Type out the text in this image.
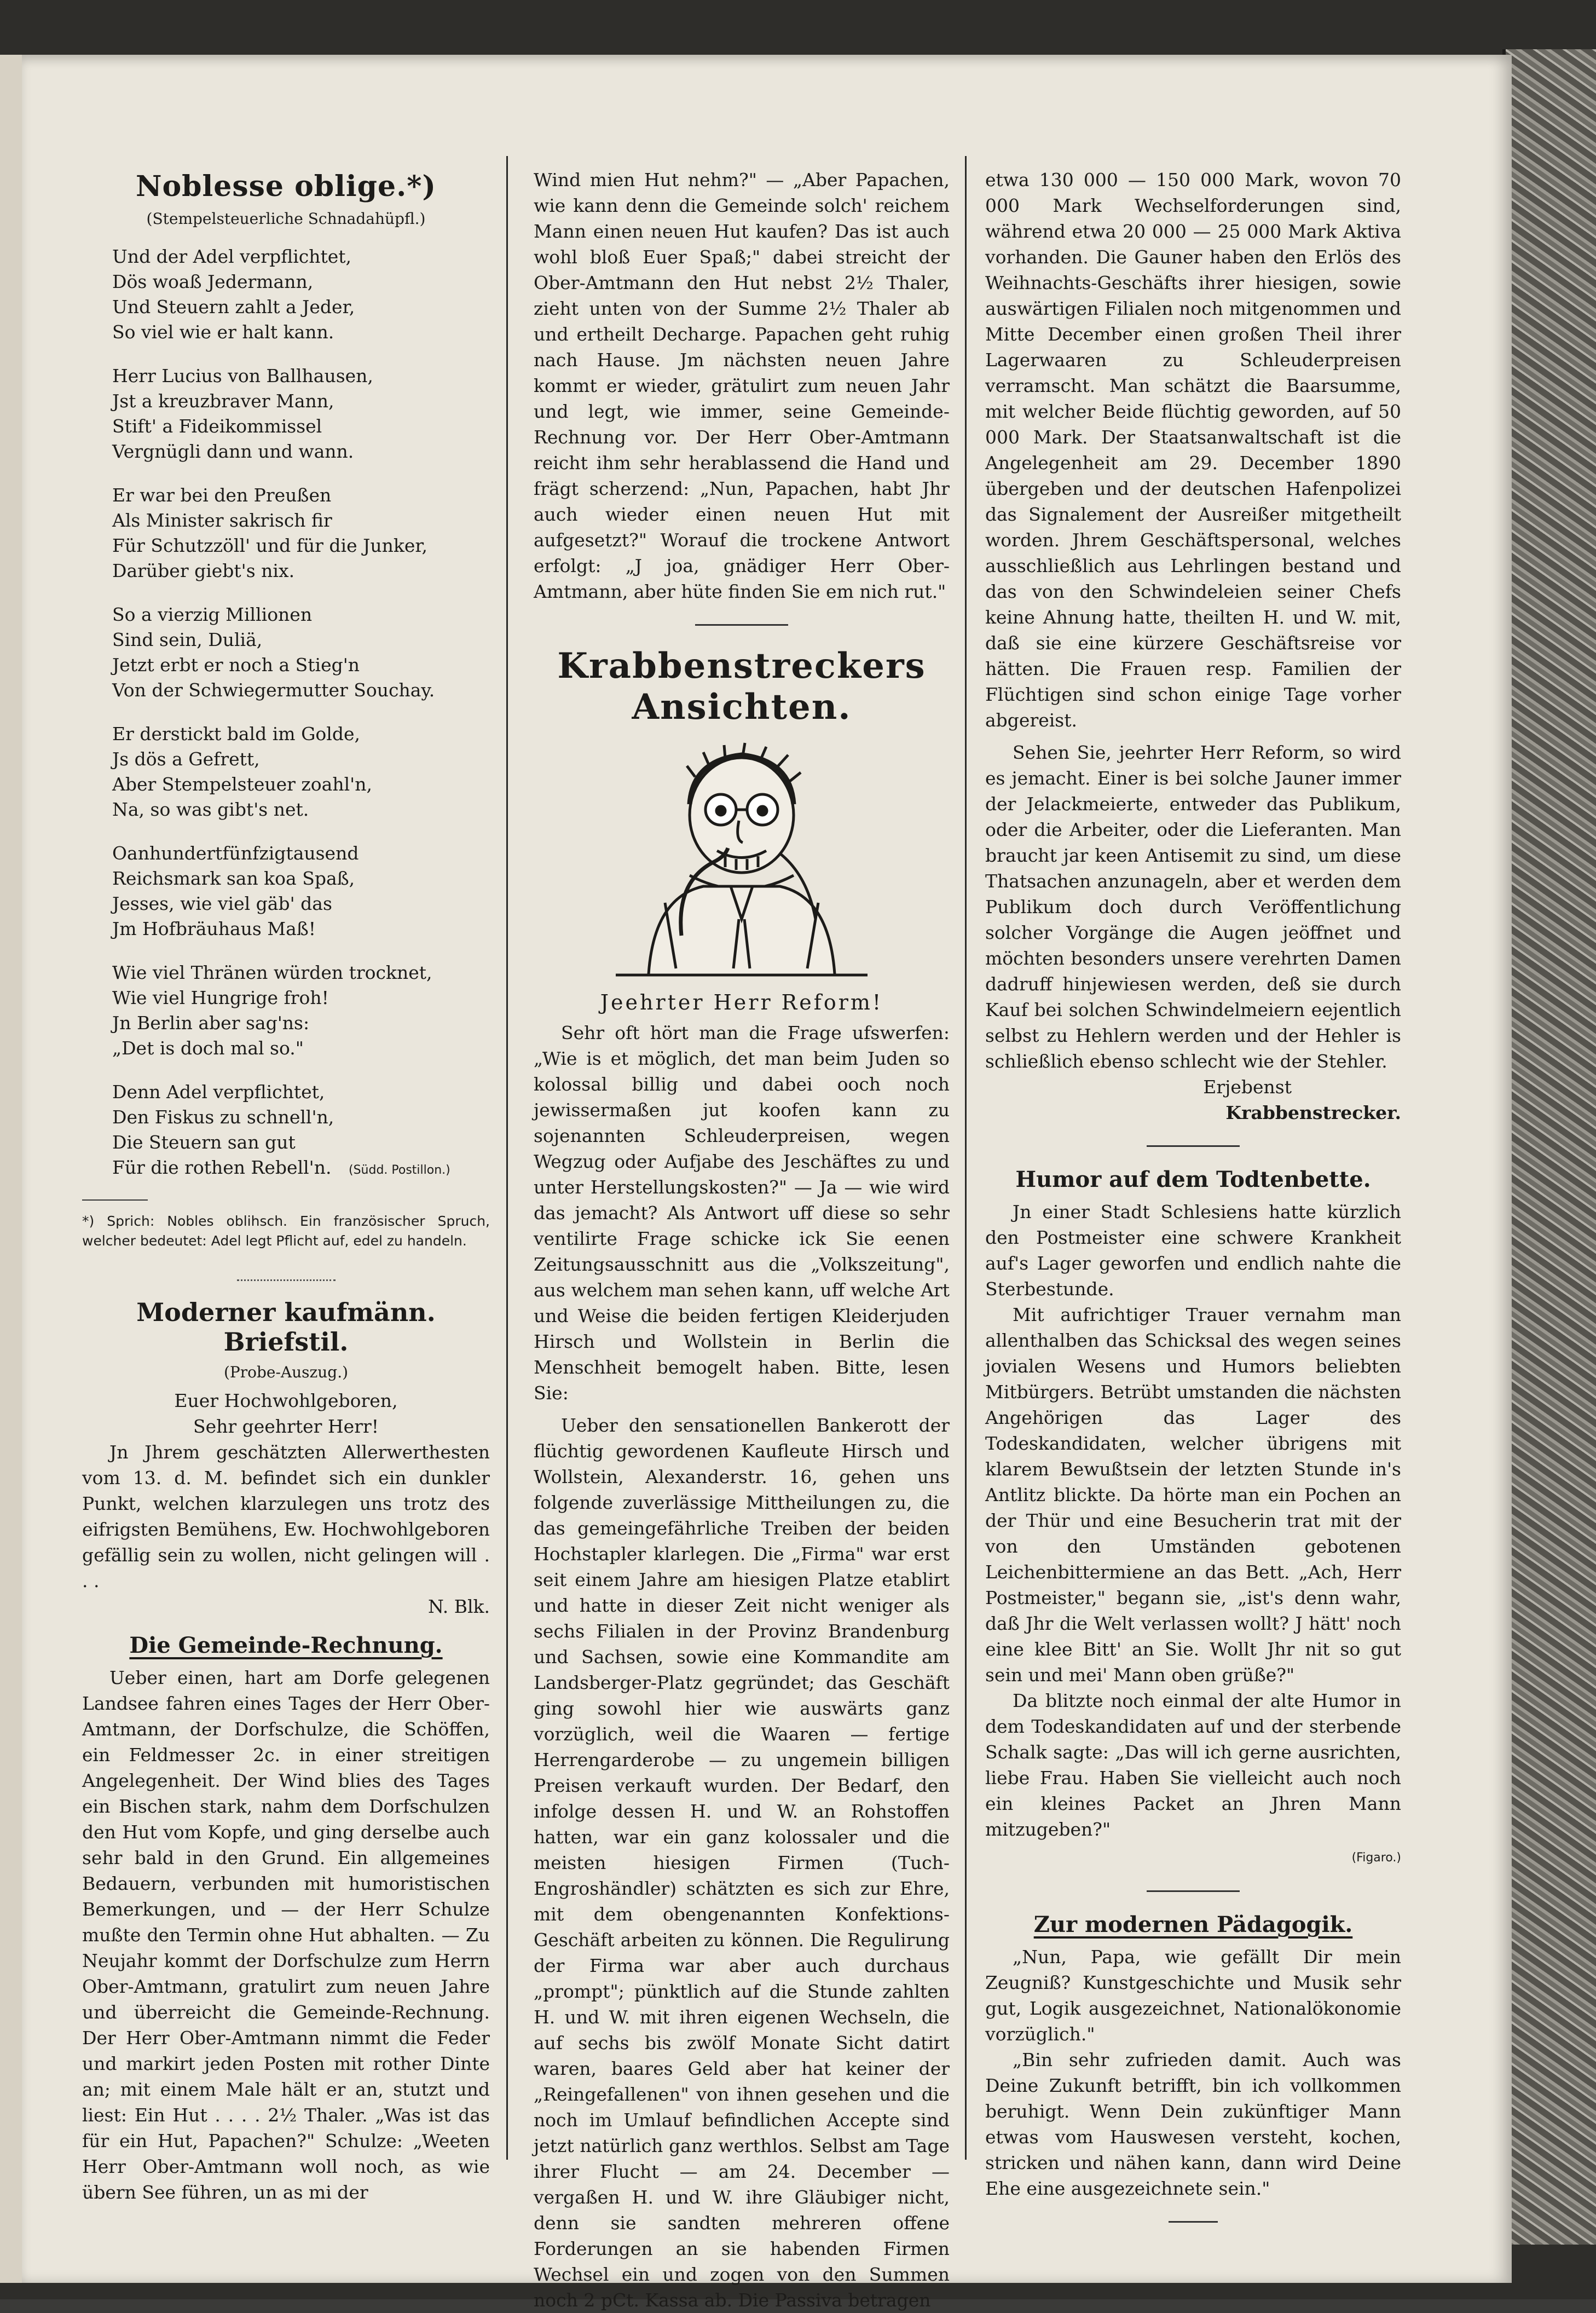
Noblesse oblige.*)
(Stempelsteuerliche Schnadahüpfl.)
Und der Adel verpflichtet,
Dös woaß Jedermann,
Und Steuern zahlt a Jeder,
So viel wie er halt kann.
Herr Lucius von Ballhausen,
Jst a kreuzbraver Mann,
Stift' a Fideikommissel
Vergnügli dann und wann.
Er war bei den Preußen
Als Minister sakrisch fir
Für Schutzzöll' und für die Junker,
Darüber giebt's nix.
So a vierzig Millionen
Sind sein, Duliä,
Jetzt erbt er noch a Stieg'n
Von der Schwiegermutter Souchay.
Er derstickt bald im Golde,
Js dös a Gefrett,
Aber Stempelsteuer zoahl'n,
Na, so was gibt's net.
Oanhundertfünfzigtausend
Reichsmark san koa Spaß,
Jesses, wie viel gäb' das
Jm Hofbräuhaus Maß!
Wie viel Thränen würden trocknet,
Wie viel Hungrige froh!
Jn Berlin aber sag'ns:
„Det is doch mal so."
Denn Adel verpflichtet,
Den Fiskus zu schnell'n,
Die Steuern san gut
Für die rothen Rebell'n. (Südd. Postillon.)

*) Sprich: Nobles oblihsch. Ein französischer Spruch, welcher bedeutet: Adel legt Pflicht auf, edel zu handeln.

Moderner kaufmänn. Briefstil.
(Probe-Auszug.)

Euer Hochwohlgeboren,

Sehr geehrter Herr!

Jn Jhrem geschätzten Allerwerthesten vom 13. d. M. befindet sich ein dunkler Punkt, welchen klarzulegen uns trotz des eifrigsten Bemühens, Ew. Hochwohlgeboren gefällig sein zu wollen, nicht gelingen will . . .

N. Blk.

Die Gemeinde-Rechnung.

Ueber einen, hart am Dorfe gelegenen Landsee fahren eines Tages der Herr Ober-Amtmann, der Dorfschulze, die Schöffen, ein Feldmesser 2c. in einer streitigen Angelegenheit. Der Wind blies des Tages ein Bischen stark, nahm dem Dorfschulzen den Hut vom Kopfe, und ging derselbe auch sehr bald in den Grund. Ein allgemeines Bedauern, verbunden mit humoristischen Bemerkungen, und — der Herr Schulze mußte den Termin ohne Hut abhalten. — Zu Neujahr kommt der Dorfschulze zum Herrn Ober-Amtmann, gratulirt zum neuen Jahre und überreicht die Gemeinde-Rechnung. Der Herr Ober-Amtmann nimmt die Feder und markirt jeden Posten mit rother Dinte an; mit einem Male hält er an, stutzt und liest: Ein Hut . . . . 2½ Thaler. „Was ist das für ein Hut, Papachen?" Schulze: „Weeten Herr Ober-Amtmann woll noch, as wie übern See führen, un as mi der

Wind mien Hut nehm?" — „Aber Papachen, wie kann denn die Gemeinde solch' reichem Mann einen neuen Hut kaufen? Das ist auch wohl bloß Euer Spaß;" dabei streicht der Ober-Amtmann den Hut nebst 2½ Thaler, zieht unten von der Summe 2½ Thaler ab und ertheilt Decharge. Papachen geht ruhig nach Hause. Jm nächsten neuen Jahre kommt er wieder, grätulirt zum neuen Jahr und legt, wie immer, seine Gemeinde-Rechnung vor. Der Herr Ober-Amtmann reicht ihm sehr herablassend die Hand und frägt scherzend: „Nun, Papachen, habt Jhr auch wieder einen neuen Hut mit aufgesetzt?" Worauf die trockene Antwort erfolgt: „J joa, gnädiger Herr Ober-Amtmann, aber hüte finden Sie em nich rut."

Krabbenstreckers Ansichten.
Jeehrter Herr Reform!

Sehr oft hört man die Frage ufswerfen: „Wie is et möglich, det man beim Juden so kolossal billig und dabei ooch noch jewissermaßen jut koofen kann zu sojenannten Schleuderpreisen, wegen Wegzug oder Aufjabe des Jeschäftes zu und unter Herstellungskosten?" — Ja — wie wird das jemacht? Als Antwort uff diese so sehr ventilirte Frage schicke ick Sie eenen Zeitungsausschnitt aus die „Volkszeitung", aus welchem man sehen kann, uff welche Art und Weise die beiden fertigen Kleiderjuden Hirsch und Wollstein in Berlin die Menschheit bemogelt haben. Bitte, lesen Sie:

Ueber den sensationellen Bankerott der flüchtig gewordenen Kaufleute Hirsch und Wollstein, Alexanderstr. 16, gehen uns folgende zuverlässige Mittheilungen zu, die das gemeingefährliche Treiben der beiden Hochstapler klarlegen. Die „Firma" war erst seit einem Jahre am hiesigen Platze etablirt und hatte in dieser Zeit nicht weniger als sechs Filialen in der Provinz Brandenburg und Sachsen, sowie eine Kommandite am Landsberger-Platz gegründet; das Geschäft ging sowohl hier wie auswärts ganz vorzüglich, weil die Waaren — fertige Herrengarderobe — zu ungemein billigen Preisen verkauft wurden. Der Bedarf, den infolge dessen H. und W. an Rohstoffen hatten, war ein ganz kolossaler und die meisten hiesigen Firmen (Tuch-Engroshändler) schätzten es sich zur Ehre, mit dem obengenannten Konfektions-Geschäft arbeiten zu können. Die Regulirung der Firma war aber auch durchaus „prompt"; pünktlich auf die Stunde zahlten H. und W. mit ihren eigenen Wechseln, die auf sechs bis zwölf Monate Sicht datirt waren, baares Geld aber hat keiner der „Reingefallenen" von ihnen gesehen und die noch im Umlauf befindlichen Accepte sind jetzt natürlich ganz werthlos. Selbst am Tage ihrer Flucht — am 24. December — vergaßen H. und W. ihre Gläubiger nicht, denn sie sandten mehreren offene Forderungen an sie habenden Firmen Wechsel ein und zogen von den Summen noch 2 pCt. Kassa ab. Die Passiva betragen

etwa 130 000 — 150 000 Mark, wovon 70 000 Mark Wechselforderungen sind, während etwa 20 000 — 25 000 Mark Aktiva vorhanden. Die Gauner haben den Erlös des Weihnachts-Geschäfts ihrer hiesigen, sowie auswärtigen Filialen noch mitgenommen und Mitte December einen großen Theil ihrer Lagerwaaren zu Schleuderpreisen verramscht. Man schätzt die Baarsumme, mit welcher Beide flüchtig geworden, auf 50 000 Mark. Der Staatsanwaltschaft ist die Angelegenheit am 29. December 1890 übergeben und der deutschen Hafenpolizei das Signalement der Ausreißer mitgetheilt worden. Jhrem Geschäftspersonal, welches ausschließlich aus Lehrlingen bestand und das von den Schwindeleien seiner Chefs keine Ahnung hatte, theilten H. und W. mit, daß sie eine kürzere Geschäftsreise vor hätten. Die Frauen resp. Familien der Flüchtigen sind schon einige Tage vorher abgereist.

Sehen Sie, jeehrter Herr Reform, so wird es jemacht. Einer is bei solche Jauner immer der Jelackmeierte, entweder das Publikum, oder die Arbeiter, oder die Lieferanten. Man braucht jar keen Antisemit zu sind, um diese Thatsachen anzunageln, aber et werden dem Publikum doch durch Veröffentlichung solcher Vorgänge die Augen jeöffnet und möchten besonders unsere verehrten Damen dadruff hinjewiesen werden, deß sie durch Kauf bei solchen Schwindelmeiern eejentlich selbst zu Hehlern werden und der Hehler is schließlich ebenso schlecht wie der Stehler.

Erjebenst

Krabbenstrecker.

Humor auf dem Todtenbette.

Jn einer Stadt Schlesiens hatte kürzlich den Postmeister eine schwere Krankheit auf's Lager geworfen und endlich nahte die Sterbestunde.

Mit aufrichtiger Trauer vernahm man allenthalben das Schicksal des wegen seines jovialen Wesens und Humors beliebten Mitbürgers. Betrübt umstanden die nächsten Angehörigen das Lager des Todeskandidaten, welcher übrigens mit klarem Bewußtsein der letzten Stunde in's Antlitz blickte. Da hörte man ein Pochen an der Thür und eine Besucherin trat mit der von den Umständen gebotenen Leichenbittermiene an das Bett. „Ach, Herr Postmeister," begann sie, „ist's denn wahr, daß Jhr die Welt verlassen wollt? J hätt' noch eine klee Bitt' an Sie. Wollt Jhr nit so gut sein und mei' Mann oben grüße?"

Da blitzte noch einmal der alte Humor in dem Todeskandidaten auf und der sterbende Schalk sagte: „Das will ich gerne ausrichten, liebe Frau. Haben Sie vielleicht auch noch ein kleines Packet an Jhren Mann mitzugeben?"

(Figaro.)

Zur modernen Pädagogik.

„Nun, Papa, wie gefällt Dir mein Zeugniß? Kunstgeschichte und Musik sehr gut, Logik ausgezeichnet, Nationalökonomie vorzüglich."

„Bin sehr zufrieden damit. Auch was Deine Zukunft betrifft, bin ich vollkommen beruhigt. Wenn Dein zukünftiger Mann etwas vom Hauswesen versteht, kochen, stricken und nähen kann, dann wird Deine Ehe eine ausgezeichnete sein."
